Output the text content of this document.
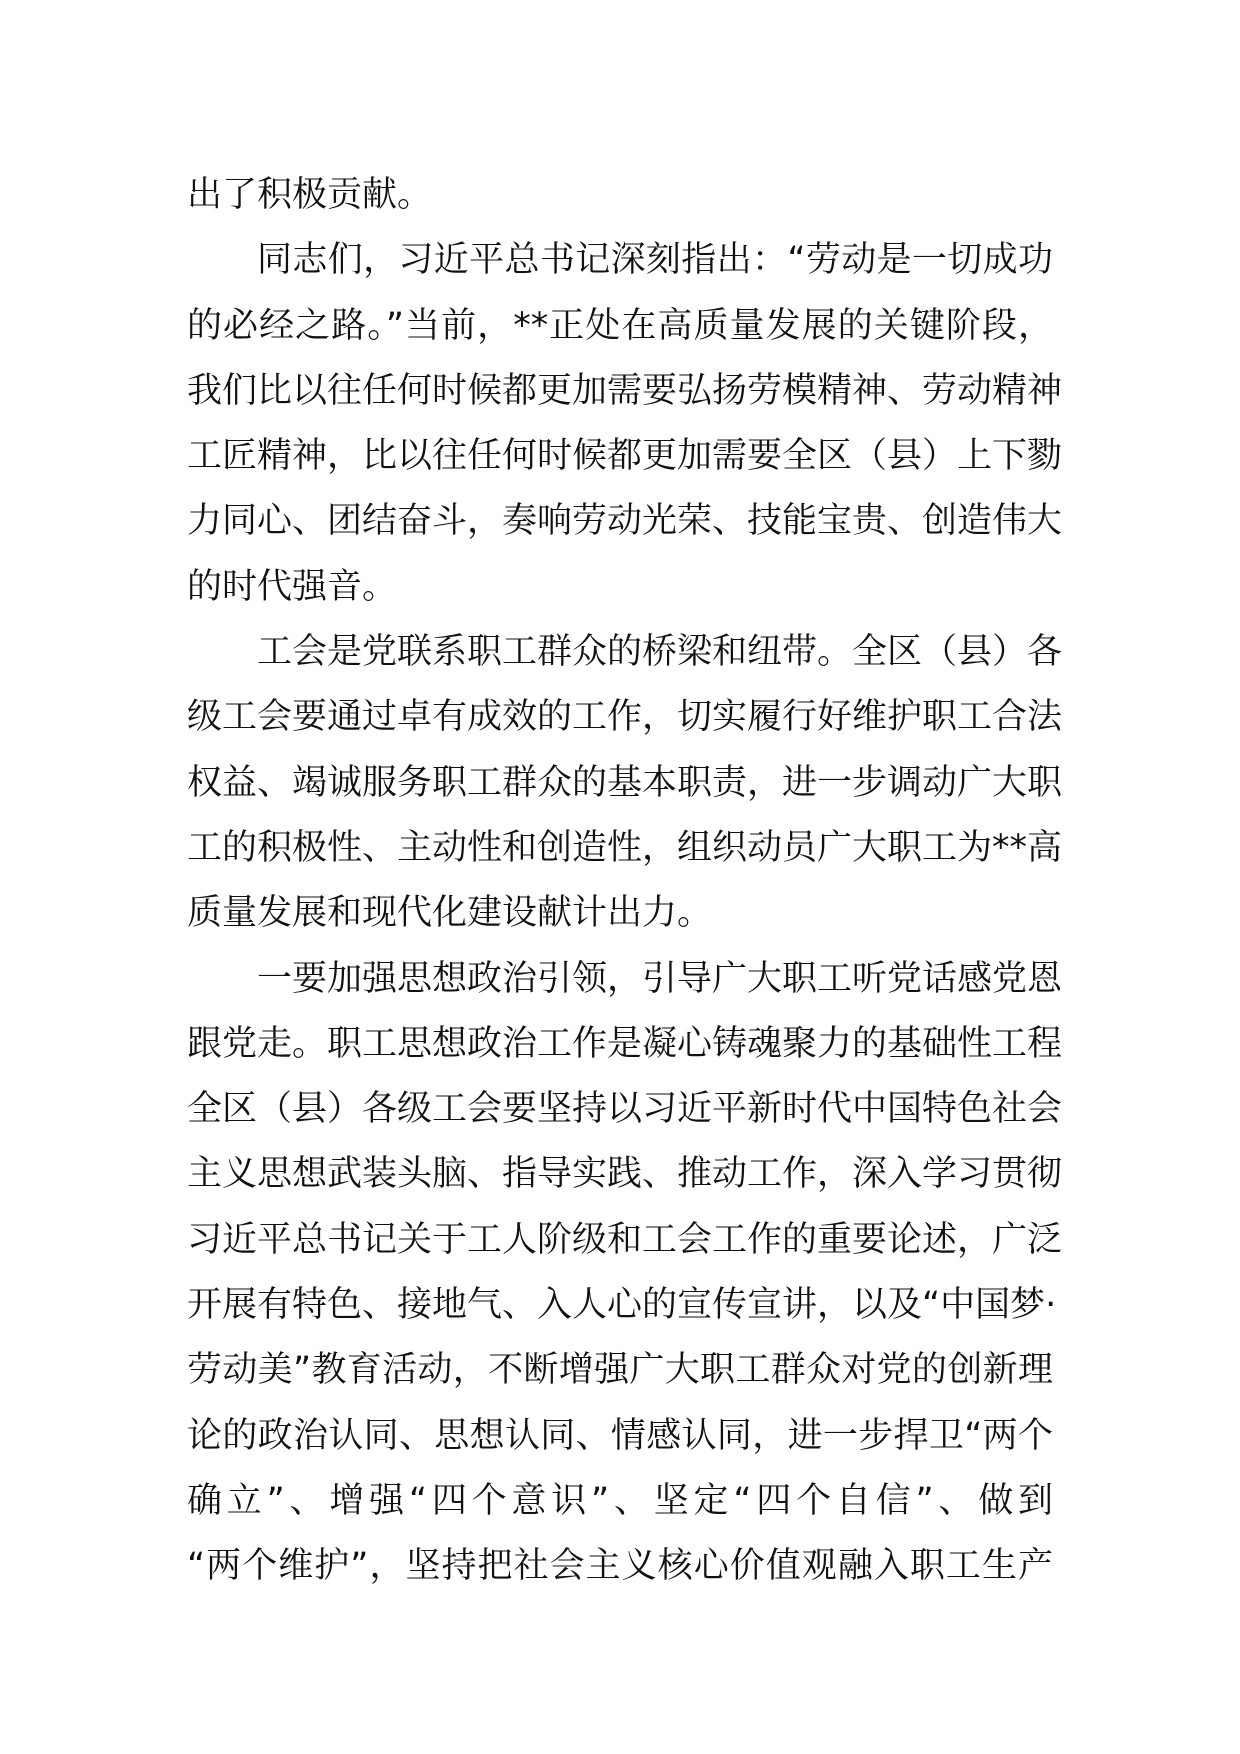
出了积极贡献。
同志们，习近平总书记深刻指出：“劳动是一切成功
的必经之路。”当前，**正处在高质量发展的关键阶段，
我们比以往任何时候都更加需要弘扬劳模精神、劳动精神
工匠精神，比以往任何时候都更加需要全区（县）上下勠
力同心、团结奋斗，奏响劳动光荣、技能宝贵、创造伟大
的时代强音。
工会是党联系职工群众的桥梁和纽带。全区（县）各
级工会要通过卓有成效的工作，切实履行好维护职工合法
权益、竭诚服务职工群众的基本职责，进一步调动广大职
工的积极性、主动性和创造性，组织动员广大职工为**高
质量发展和现代化建设献计出力。
一要加强思想政治引领，引导广大职工听党话感党恩
跟党走。职工思想政治工作是凝心铸魂聚力的基础性工程
全区（县）各级工会要坚持以习近平新时代中国特色社会
主义思想武装头脑、指导实践、推动工作，深入学习贯彻
习近平总书记关于工人阶级和工会工作的重要论述，广泛
开展有特色、接地气、入人心的宣传宣讲，以及“中国梦·
劳动美”教育活动，不断增强广大职工群众对党的创新理
论的政治认同、思想认同、情感认同，进一步捍卫“两个
确立”、增强“四个意识”、坚定“四个自信”、做到
“两个维护”，坚持把社会主义核心价值观融入职工生产
